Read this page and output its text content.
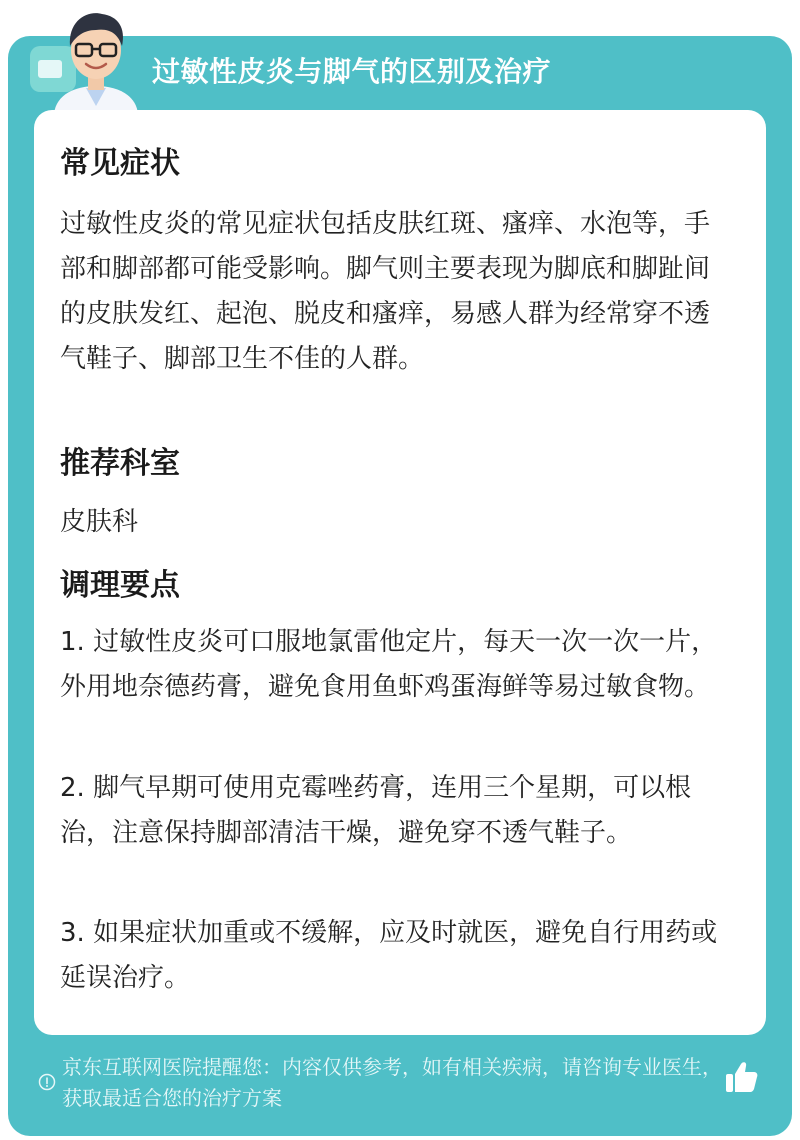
过敏性皮炎与脚气的区别及治疗
常见症状

过敏性皮炎的常见症状包括皮肤红斑、瘙痒、水泡等，手部和脚部都可能受影响。脚气则主要表现为脚底和脚趾间的皮肤发红、起泡、脱皮和瘙痒，易感人群为经常穿不透气鞋子、脚部卫生不佳的人群。

推荐科室

皮肤科

调理要点

1. 过敏性皮炎可口服地氯雷他定片，每天一次一次一片，外用地奈德药膏，避免食用鱼虾鸡蛋海鲜等易过敏食物。

2. 脚气早期可使用克霉唑药膏，连用三个星期，可以根治，注意保持脚部清洁干燥，避免穿不透气鞋子。

3. 如果症状加重或不缓解，应及时就医，避免自行用药或延误治疗。

京东互联网医院提醒您：内容仅供参考，如有相关疾病，请咨询专业医生，获取最适合您的治疗方案
